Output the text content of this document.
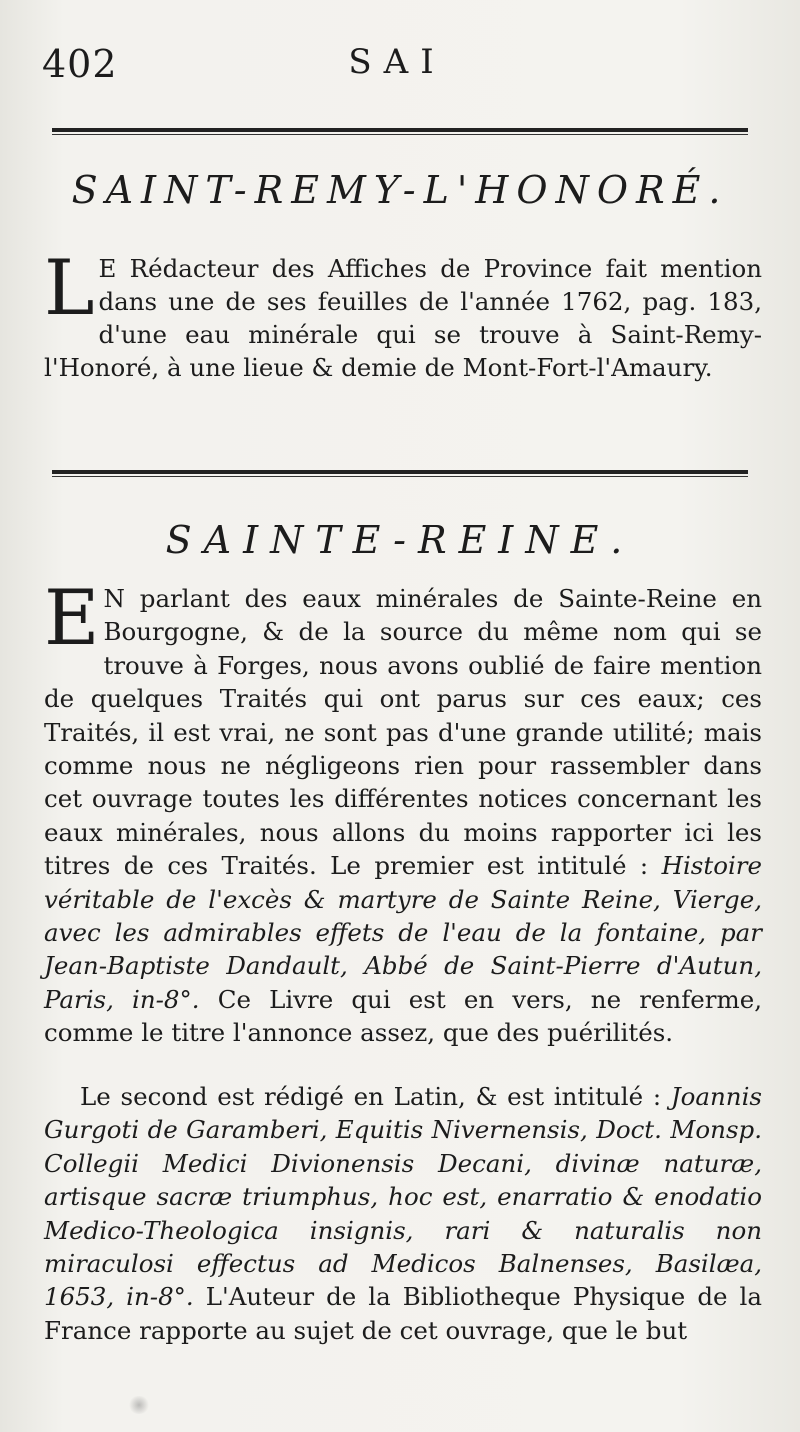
402	SAI
SAINT-REMY-L'HONORÉ.
L E Rédacteur des Affiches de Province fait mention dans une de ses feuilles de l'année 1762, pag. 183, d'une eau minérale qui se trouve à Saint-Remy-l'Honoré, à une lieue & demie de Mont-Fort-l'Amaury.
SAINTE-REINE.
E N parlant des eaux minérales de Sainte-Reine en Bourgogne, & de la source du même nom qui se trouve à Forges, nous avons oublié de faire mention de quelques Traités qui ont parus sur ces eaux; ces Traités, il est vrai, ne sont pas d'une grande utilité; mais comme nous ne négligeons rien pour rassembler dans cet ouvrage toutes les différentes notices concernant les eaux minérales, nous allons du moins rapporter ici les titres de ces Traités. Le premier est intitulé : Histoire véritable de l'excès & martyre de Sainte Reine, Vierge, avec les admirables effets de l'eau de la fontaine, par Jean-Baptiste Dandault, Abbé de Saint-Pierre d'Autun, Paris, in-8°. Ce Livre qui est en vers, ne renferme, comme le titre l'annonce assez, que des puérilités.
Le second est rédigé en Latin, & est intitulé : Joannis Gurgoti de Garamberi, Equitis Nivernensis, Doct. Monsp. Collegii Medici Divionensis Decani, divinæ naturæ, artisque sacræ triumphus, hoc est, enarratio & enodatio Medico-Theologica insignis, rari & naturalis non miraculosi effectus ad Medicos Balnenses, Basilæa, 1653, in-8°. L'Auteur de la Bibliotheque Physique de la France rapporte au sujet de cet ouvrage, que le but
